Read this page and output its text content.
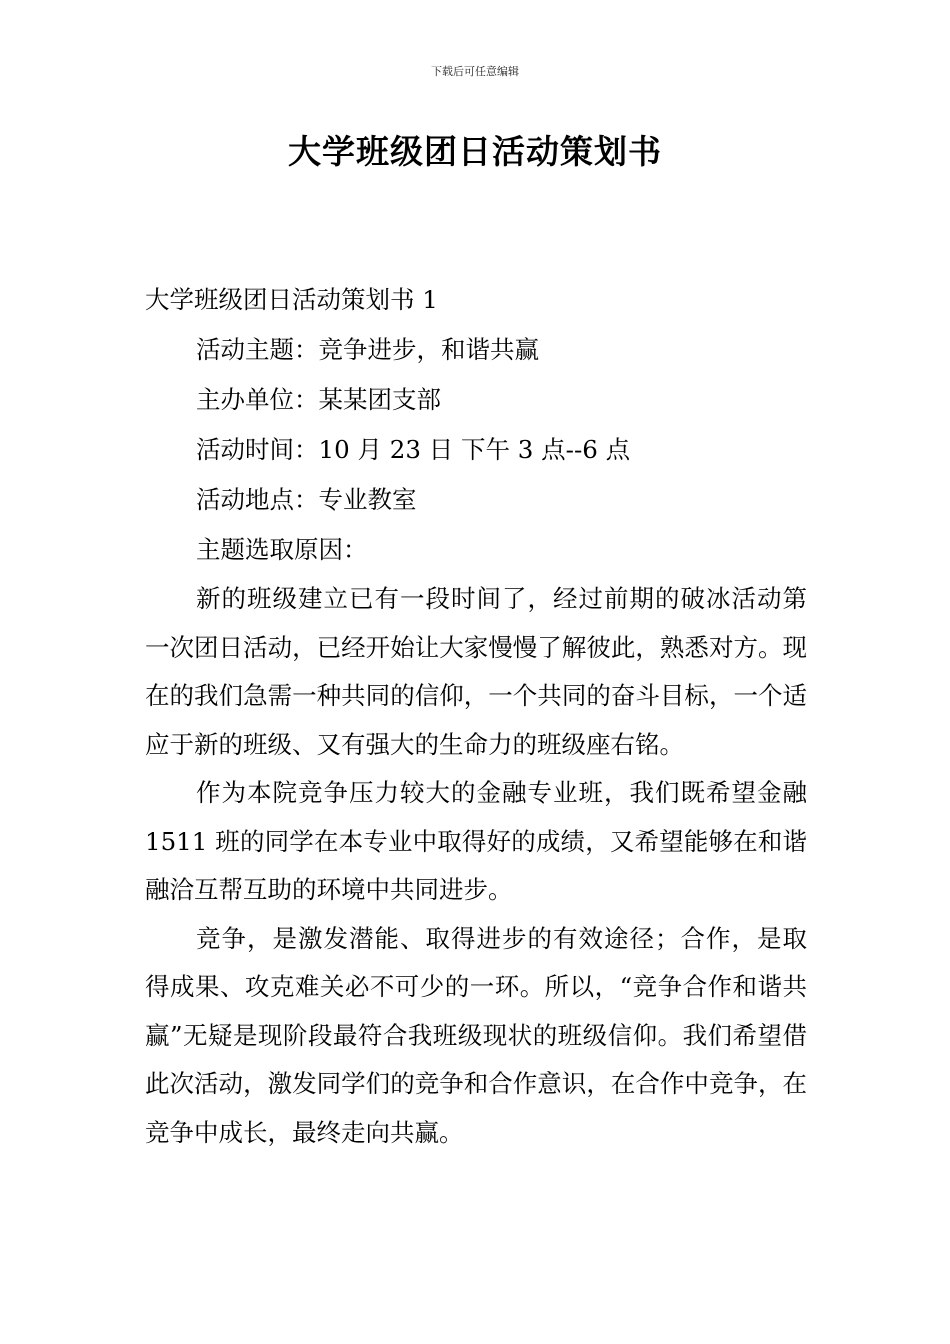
下载后可任意编辑
大学班级团日活动策划书

大学班级团日活动策划书 1

活动主题：竞争进步，和谐共赢

主办单位：某某团支部

活动时间：10 月 23 日 下午 3 点--6 点

活动地点：专业教室

主题选取原因：

新的班级建立已有一段时间了，经过前期的破冰活动第一次团日活动，已经开始让大家慢慢了解彼此，熟悉对方。现在的我们急需一种共同的信仰，一个共同的奋斗目标，一个适应于新的班级、又有强大的生命力的班级座右铭。

作为本院竞争压力较大的金融专业班，我们既希望金融 1511 班的同学在本专业中取得好的成绩，又希望能够在和谐融洽互帮互助的环境中共同进步。

竞争，是激发潜能、取得进步的有效途径；合作，是取得成果、攻克难关必不可少的一环。所以，“竞争合作和谐共赢”无疑是现阶段最符合我班级现状的班级信仰。我们希望借此次活动，激发同学们的竞争和合作意识，在合作中竞争，在竞争中成长，最终走向共赢。
